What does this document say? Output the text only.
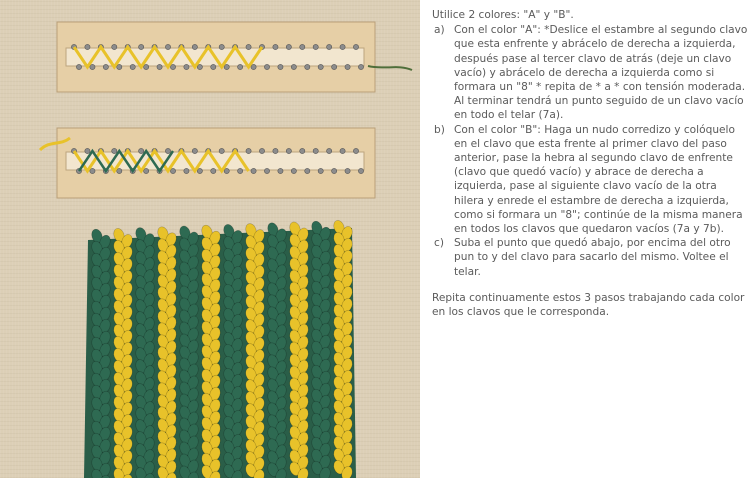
Utilice 2 colores: "A" y "B".

a) Con el color "A": *Deslice el estambre al segundo clavo que esta enfrente y abrácelo de derecha a izquierda, después pase al tercer clavo de atrás (deje un clavo vacío) y abrácelo de derecha a izquierda como si formara un "8" * repita de * a * con tensión moderada. Al terminar tendrá un punto seguido de un clavo vacío en todo el telar (7a).
b) Con el color "B": Haga un nudo corredizo y colóquelo en el clavo que esta frente al primer clavo del paso anterior, pase la hebra al segundo clavo de enfrente (clavo que quedó vacío) y abrace de derecha a izquierda, pase al siguiente clavo vacío de la otra hilera y enrede el estambre de derecha a izquierda, como si formara un "8"; continúe de la misma manera en todos los clavos que quedaron vacíos (7a y 7b).
c) Suba el punto que quedó abajo, por encima del otro pun to y del clavo para sacarlo del mismo. Voltee el telar.

Repita continuamente estos 3 pasos trabajando cada color en los clavos que le corresponda.
